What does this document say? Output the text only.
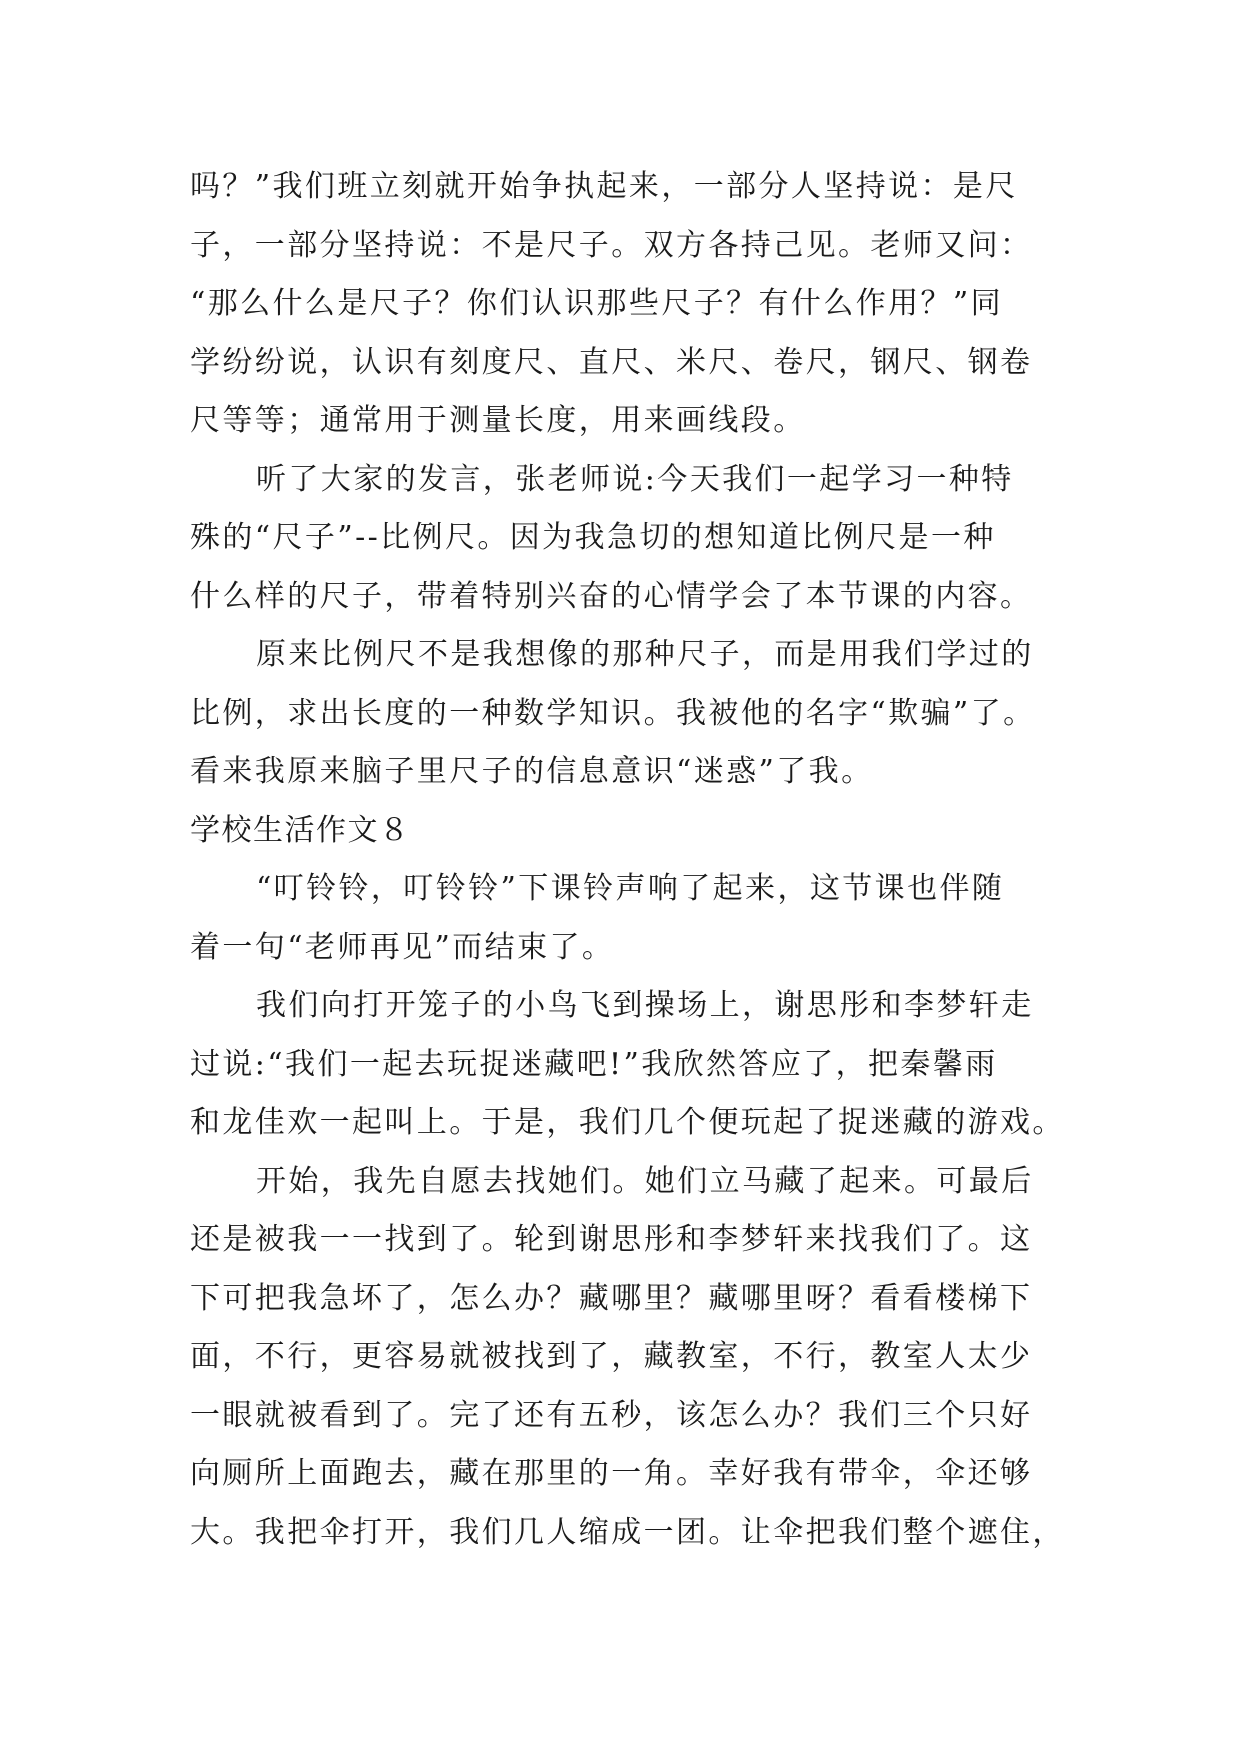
吗？”我们班立刻就开始争执起来，一部分人坚持说：是尺
子，一部分坚持说：不是尺子。双方各持己见。老师又问：
“那么什么是尺子？你们认识那些尺子？有什么作用？”同
学纷纷说，认识有刻度尺、直尺、米尺、卷尺，钢尺、钢卷
尺等等；通常用于测量长度，用来画线段。
听了大家的发言，张老师说:今天我们一起学习一种特
殊的“尺子”--比例尺。因为我急切的想知道比例尺是一种
什么样的尺子，带着特别兴奋的心情学会了本节课的内容。
原来比例尺不是我想像的那种尺子，而是用我们学过的
比例，求出长度的一种数学知识。我被他的名字“欺骗”了。
看来我原来脑子里尺子的信息意识“迷惑”了我。
学校生活作文８
“叮铃铃，叮铃铃”下课铃声响了起来，这节课也伴随
着一句“老师再见”而结束了。
我们向打开笼子的小鸟飞到操场上，谢思彤和李梦轩走
过说:“我们一起去玩捉迷藏吧!”我欣然答应了，把秦馨雨
和龙佳欢一起叫上。于是，我们几个便玩起了捉迷藏的游戏。
开始，我先自愿去找她们。她们立马藏了起来。可最后
还是被我一一找到了。轮到谢思彤和李梦轩来找我们了。这
下可把我急坏了，怎么办？藏哪里？藏哪里呀？看看楼梯下
面，不行，更容易就被找到了，藏教室，不行，教室人太少
一眼就被看到了。完了还有五秒，该怎么办？我们三个只好
向厕所上面跑去，藏在那里的一角。幸好我有带伞，伞还够
大。我把伞打开，我们几人缩成一团。让伞把我们整个遮住，
